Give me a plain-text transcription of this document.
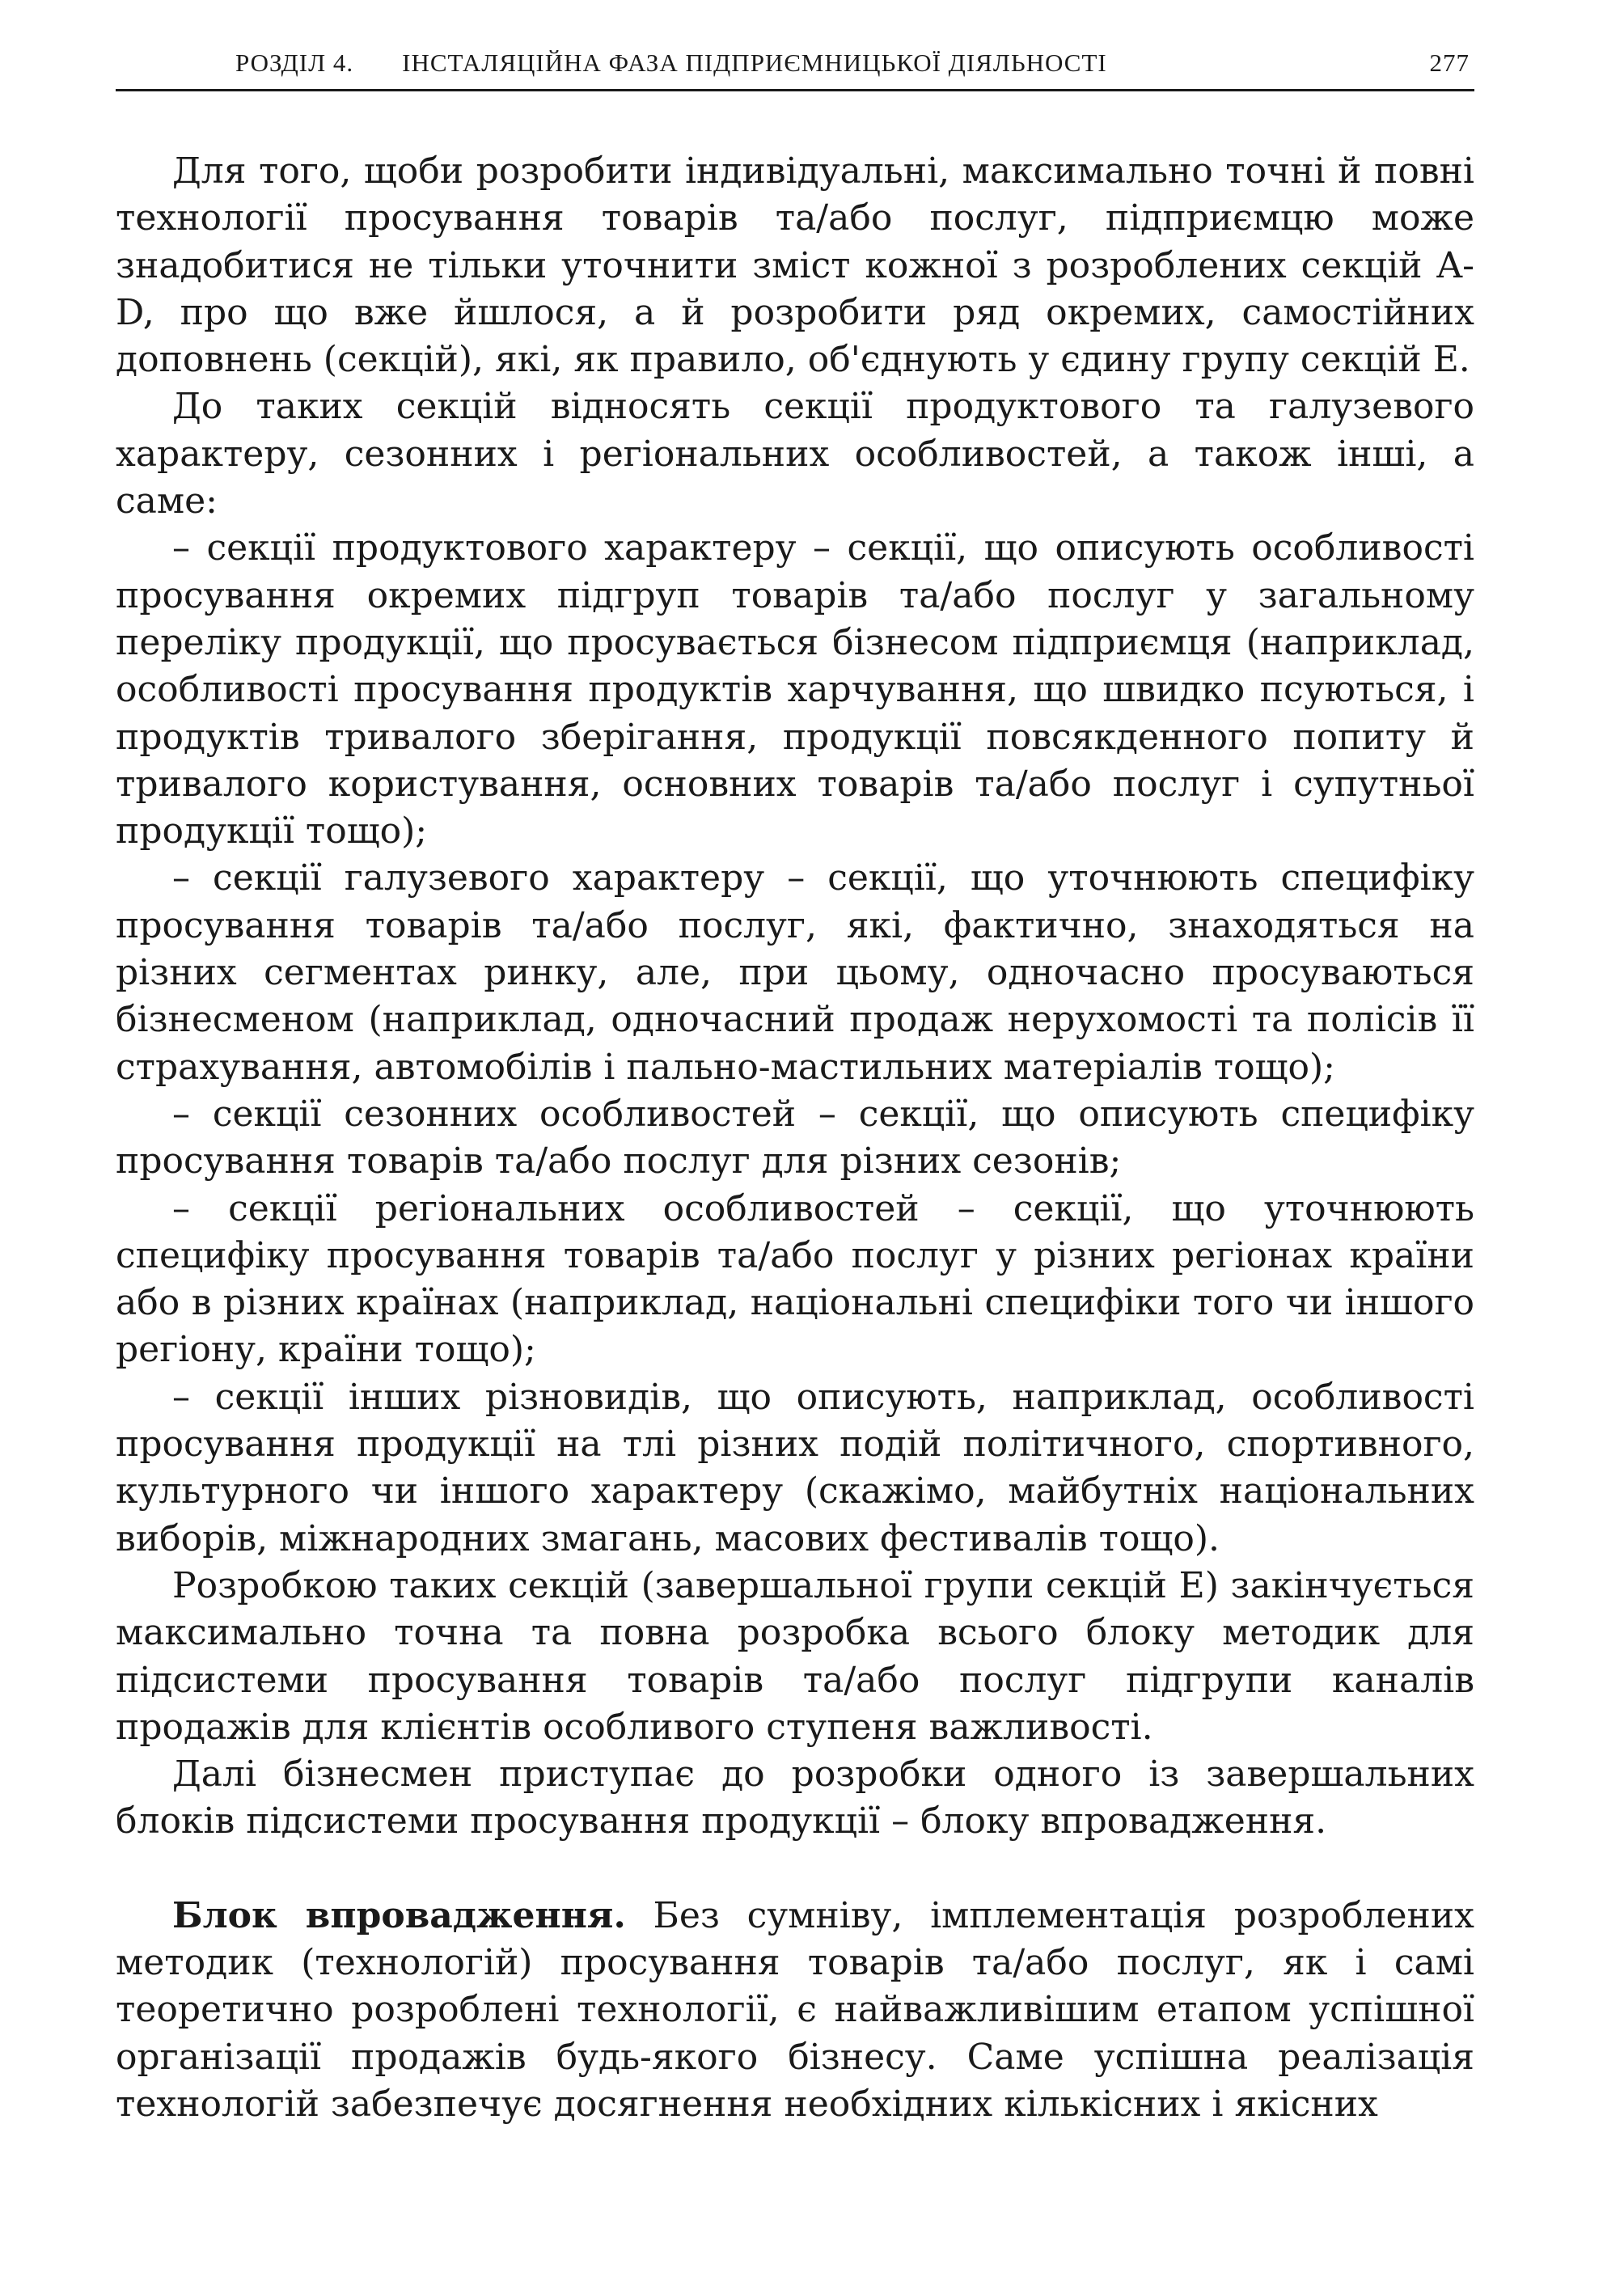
РОЗДІЛ 4. ІНСТАЛЯЦІЙНА ФАЗА ПІДПРИЄМНИЦЬКОЇ ДІЯЛЬНОСТІ	277

Для того, щоби розробити індивідуальні, максимально точні й повні технології просування товарів та/або послуг, підприємцю може знадобитися не тільки уточнити зміст кожної з розроблених секцій A-D, про що вже йшлося, а й розробити ряд окремих, самостійних доповнень (секцій), які, як правило, об'єднують у єдину групу секцій Е.

До таких секцій відносять секції продуктового та галузевого характеру, сезонних і регіональних особливостей, а також інші, а саме:

– секції продуктового характеру – секції, що описують особливості просування окремих підгруп товарів та/або послуг у загальному переліку продукції, що просувається бізнесом підприємця (наприклад, особливості просування продуктів харчування, що швидко псуються, і продуктів тривалого зберігання, продукції повсякденного попиту й тривалого користування, основних товарів та/або послуг і супутньої продукції тощо);

– секції галузевого характеру – секції, що уточнюють специфіку просування товарів та/або послуг, які, фактично, знаходяться на різних сегментах ринку, але, при цьому, одночасно просуваються бізнесменом (наприклад, одночасний продаж нерухомості та полісів її страхування, автомобілів і пально-мастильних матеріалів тощо);

– секції сезонних особливостей – секції, що описують специфіку просування товарів та/або послуг для різних сезонів;

– секції регіональних особливостей – секції, що уточнюють специфіку просування товарів та/або послуг у різних регіонах країни або в різних країнах (наприклад, національні специфіки того чи іншого регіону, країни тощо);

– секції інших різновидів, що описують, наприклад, особливості просування продукції на тлі різних подій політичного, спортивного, культурного чи іншого характеру (скажімо, майбутніх національних виборів, міжнародних змагань, масових фестивалів тощо).

Розробкою таких секцій (завершальної групи секцій Е) закінчується максимально точна та повна розробка всього блоку методик для підсистеми просування товарів та/або послуг підгрупи каналів продажів для клієнтів особливого ступеня важливості.

Далі бізнесмен приступає до розробки одного із завершальних блоків підсистеми просування продукції – блоку впровадження.

Блок впровадження. Без сумніву, імплементація розроблених методик (технологій) просування товарів та/або послуг, як і самі теоретично розроблені технології, є найважливішим етапом успішної організації продажів будь-якого бізнесу. Саме успішна реалізація технологій забезпечує досягнення необхідних кількісних і якісних
